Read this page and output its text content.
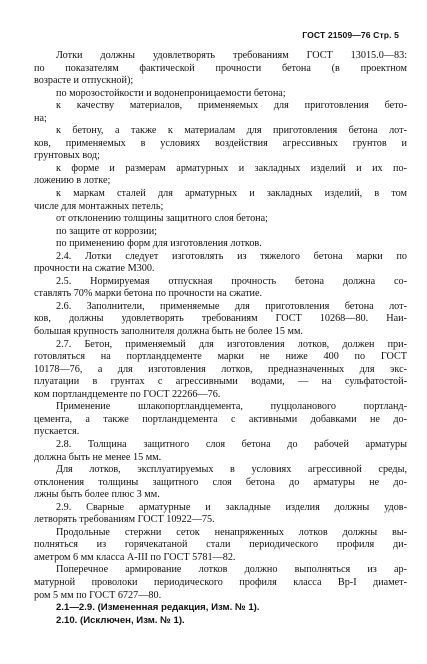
ГОСТ 21509—76 Стр. 5
Лотки должны удовлетворять требованиям ГОСТ 13015.0—83:
по показателям фактической прочности бетона (в проектном
возрасте и отпускной);
по морозостойкости и водонепроницаемости бетона;
к качеству материалов, применяемых для приготовления бето-
на;
к бетону, а также к материалам для приготовления бетона лот-
ков, применяемых в условиях воздействия агрессивных грунтов и
грунтовых вод;
к форме и размерам арматурных и закладных изделий и их по-
ложению в лотке;
к маркам сталей для арматурных и закладных изделий, в том
числе для монтажных петель;
от отклонению толщины защитного слоя бетона;
по защите от коррозии;
по применению форм для изготовления лотков.
2.4. Лотки следует изготовлять из тяжелого бетона марки по
прочности на сжатие М300.
2.5. Нормируемая отпускная прочность бетона должна со-
ставлять 70% марки бетона по прочности на сжатие.
2.6. Заполнители, применяемые для приготовления бетона лот-
ков, должны удовлетворять требованиям ГОСТ 10268—80. Наи-
большая крупность заполнителя должна быть не более 15 мм.
2.7. Бетон, применяемый для изготовления лотков, должен при-
готовляться на портландцементе марки не ниже 400 по ГОСТ
10178—76, а для изготовления лотков, предназначенных для экс-
плуатации в грунтах с агрессивными водами, — на сульфатостой-
ком портландцементе по ГОСТ 22266—76.
Применение шлакопортландцемента, пуццоланового портланд-
цемента, а также портландцемента с активными добавками не до-
пускается.
2.8. Толщина защитного слоя бетона до рабочей арматуры
должна быть не менее 15 мм.
Для лотков, эксплуатируемых в условиях агрессивной среды,
отклонения толщины защитного слоя бетона до арматуры не до-
лжны быть более плюс 3 мм.
2.9. Сварные арматурные и закладные изделия должны удов-
летворять требованиям ГОСТ 10922—75.
Продольные стержни сеток ненапряженных лотков должны вы-
полняться из горячекатаной стали периодического профиля ди-
аметром 6 мм класса А-III по ГОСТ 5781—82.
Поперечное армирование лотков должно выполняться из ар-
матурной проволоки периодического профиля класса Вр-I диамет-
ром 5 мм по ГОСТ 6727—80.
2.1—2.9. (Измененная редакция, Изм. № 1).
2.10. (Исключен, Изм. № 1).
